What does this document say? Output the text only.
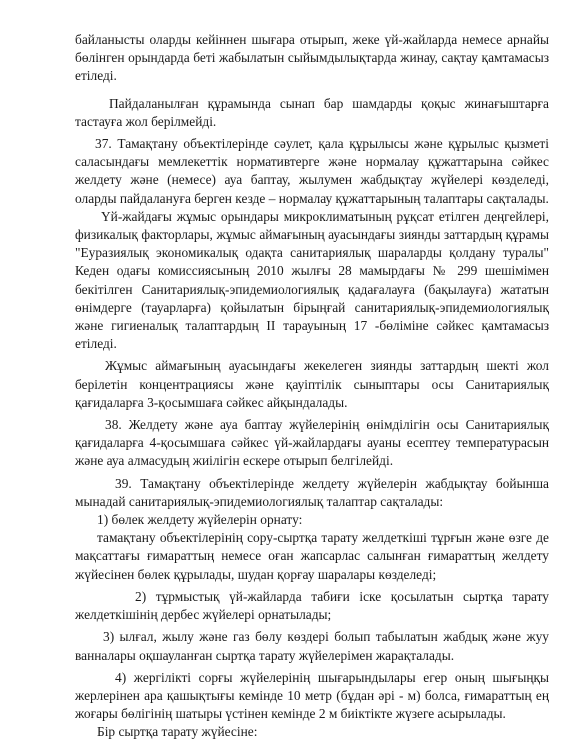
байланысты оларды кейіннен шығара отырып, жеке үй-жайларда немесе арнайы бөлінген орындарда беті жабылатын сыйымдылықтарда жинау, сақтау қамтамасыз етіледі.

Пайдаланылған құрамында сынап бар шамдарды қоқыс жинағыштарға тастауға жол берілмейді.

37. Тамақтану объектілерінде сәулет, қала құрылысы және құрылыс қызметі саласындағы мемлекеттік нормативтерге және нормалау құжаттарына сәйкес желдету және (немесе) ауа баптау, жылумен жабдықтау жүйелері көзделеді, оларды пайдалануға берген кезде – нормалау құжаттарының талаптары сақталады.

Үй-жайдағы жұмыс орындары микроклиматының рұқсат етілген деңгейлері, физикалық факторлары, жұмыс аймағының ауасындағы зиянды заттардың құрамы "Еуразиялық экономикалық одақта санитариялық шараларды қолдану туралы" Кеден одағы комиссиясының 2010 жылғы 28 мамырдағы № 299 шешімімен бекітілген Санитариялық-эпидемиологиялық қадағалауға (бақылауға) жататын өнімдерге (тауарларға) қойылатын бірыңғай санитариялық-эпидемиологиялық және гигиеналық талаптардың II тарауының 17 -бөліміне сәйкес қамтамасыз етіледі.

Жұмыс аймағының ауасындағы жекелеген зиянды заттардың шекті жол берілетін концентрациясы және қауіптілік сыныптары осы Санитариялық қағидаларға 3-қосымшаға сәйкес айқындалады.

38. Желдету және ауа баптау жүйелерінің өнімділігін осы Санитариялық қағидаларға 4-қосымшаға сәйкес үй-жайлардағы ауаны есептеу температурасын және ауа алмасудың жиілігін ескере отырып белгілейді.

39. Тамақтану объектілерінде желдету жүйелерін жабдықтау бойынша мынадай санитариялық-эпидемиологиялық талаптар сақталады:

1) бөлек желдету жүйелерін орнату:

тамақтану объектілерінің сору-сыртқа тарату желдеткіші тұрғын және өзге де мақсаттағы ғимараттың немесе оған жапсарлас салынған ғимараттың желдету жүйесінен бөлек құрылады, шудан қорғау шаралары көзделеді;

2) тұрмыстық үй-жайларда табиғи іске қосылатын сыртқа тарату желдеткішінің дербес жүйелері орнатылады;

3) ылғал, жылу және газ бөлу көздері болып табылатын жабдық және жуу ванналары оқшауланған сыртқа тарату жүйелерімен жарақталады.

4) жергілікті сорғы жүйелерінің шығарындылары егер оның шығыңқы жерлерінен ара қашықтығы кемінде 10 метр (бұдан әрі - м) болса, ғимараттың ең жоғары бөлігінің шатыры үстінен кемінде 2 м биіктікте жүзеге асырылады.

Бір сыртқа тарату жүйесіне:
